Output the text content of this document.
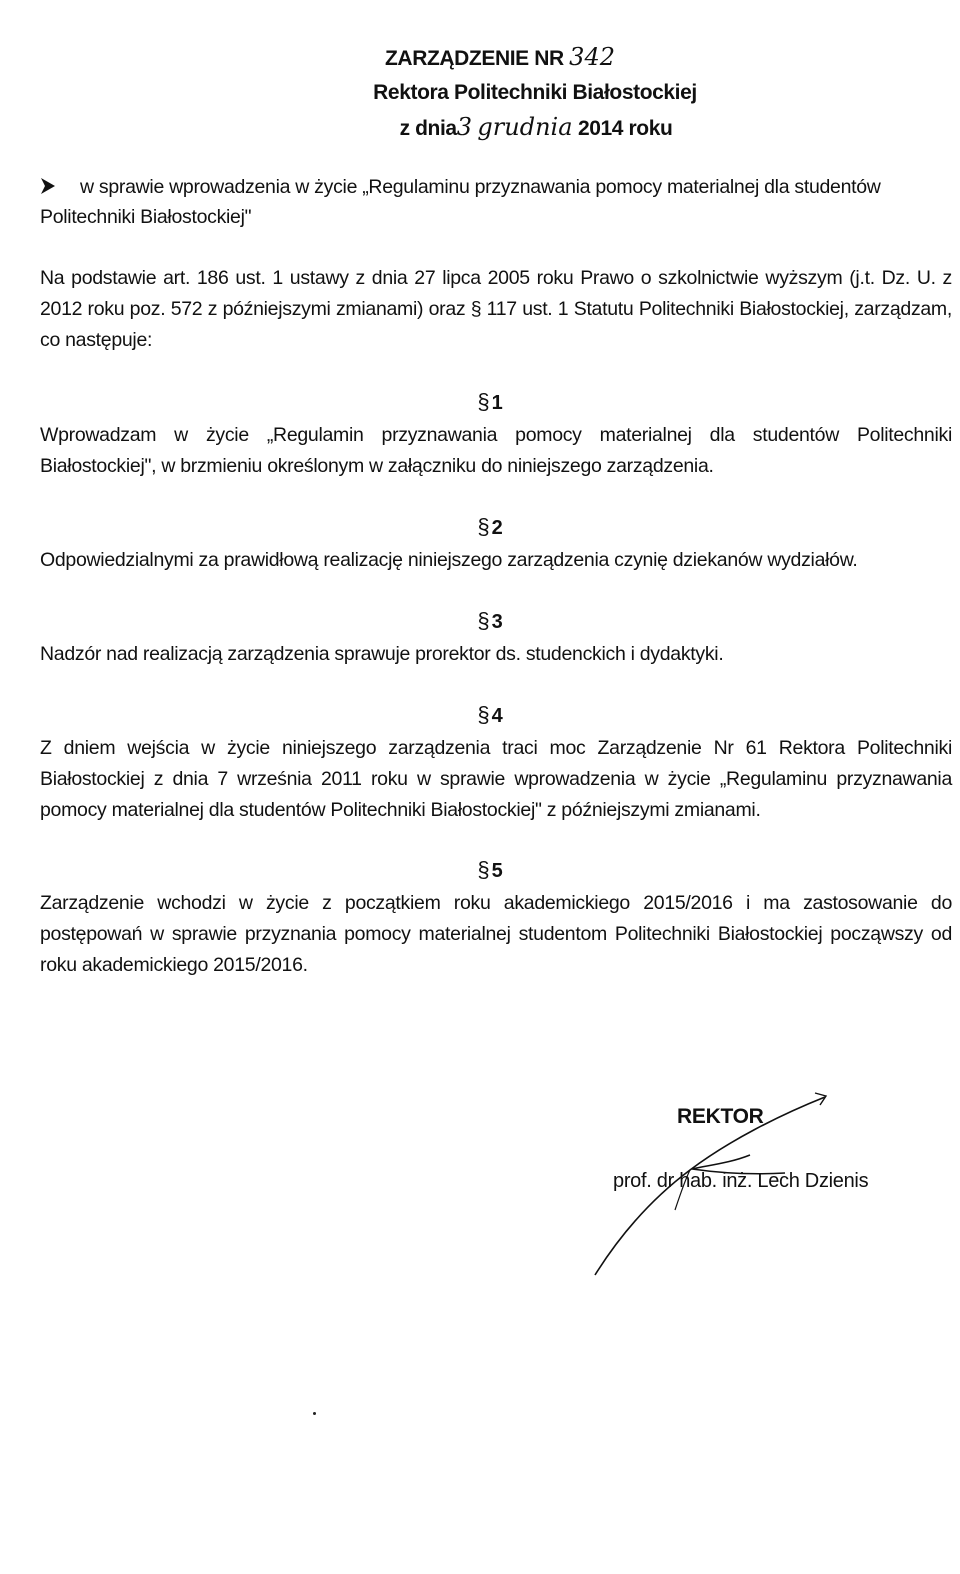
ZARZĄDZENIE NR 342
Rektora Politechniki Białostockiej
z dnia3 grudnia 2014 roku
w sprawie wprowadzenia w życie „Regulaminu przyznawania pomocy materialnej dla studentów Politechniki Białostockiej"
Na podstawie art. 186 ust. 1 ustawy z dnia 27 lipca 2005 roku Prawo o szkolnictwie wyższym (j.t. Dz. U. z 2012 roku poz. 572 z późniejszymi zmianami) oraz § 117 ust. 1 Statutu Politechniki Białostockiej, zarządzam, co następuje:
§ 1
Wprowadzam w życie „Regulamin przyznawania pomocy materialnej dla studentów Politechniki Białostockiej", w brzmieniu określonym w załączniku do niniejszego zarządzenia.
§ 2
Odpowiedzialnymi za prawidłową realizację niniejszego zarządzenia czynię dziekanów wydziałów.
§ 3
Nadzór nad realizacją zarządzenia sprawuje prorektor ds. studenckich i dydaktyki.
§ 4
Z dniem wejścia w życie niniejszego zarządzenia traci moc Zarządzenie Nr 61 Rektora Politechniki Białostockiej z dnia 7 września 2011 roku w sprawie wprowadzenia w życie „Regulaminu przyznawania pomocy materialnej dla studentów Politechniki Białostockiej" z późniejszymi zmianami.
§ 5
Zarządzenie wchodzi w życie z początkiem roku akademickiego 2015/2016 i ma zastosowanie do postępowań w sprawie przyznania pomocy materialnej studentom Politechniki Białostockiej począwszy od roku akademickiego 2015/2016.
REKTOR
prof. dr hab. inż. Lech Dzienis
